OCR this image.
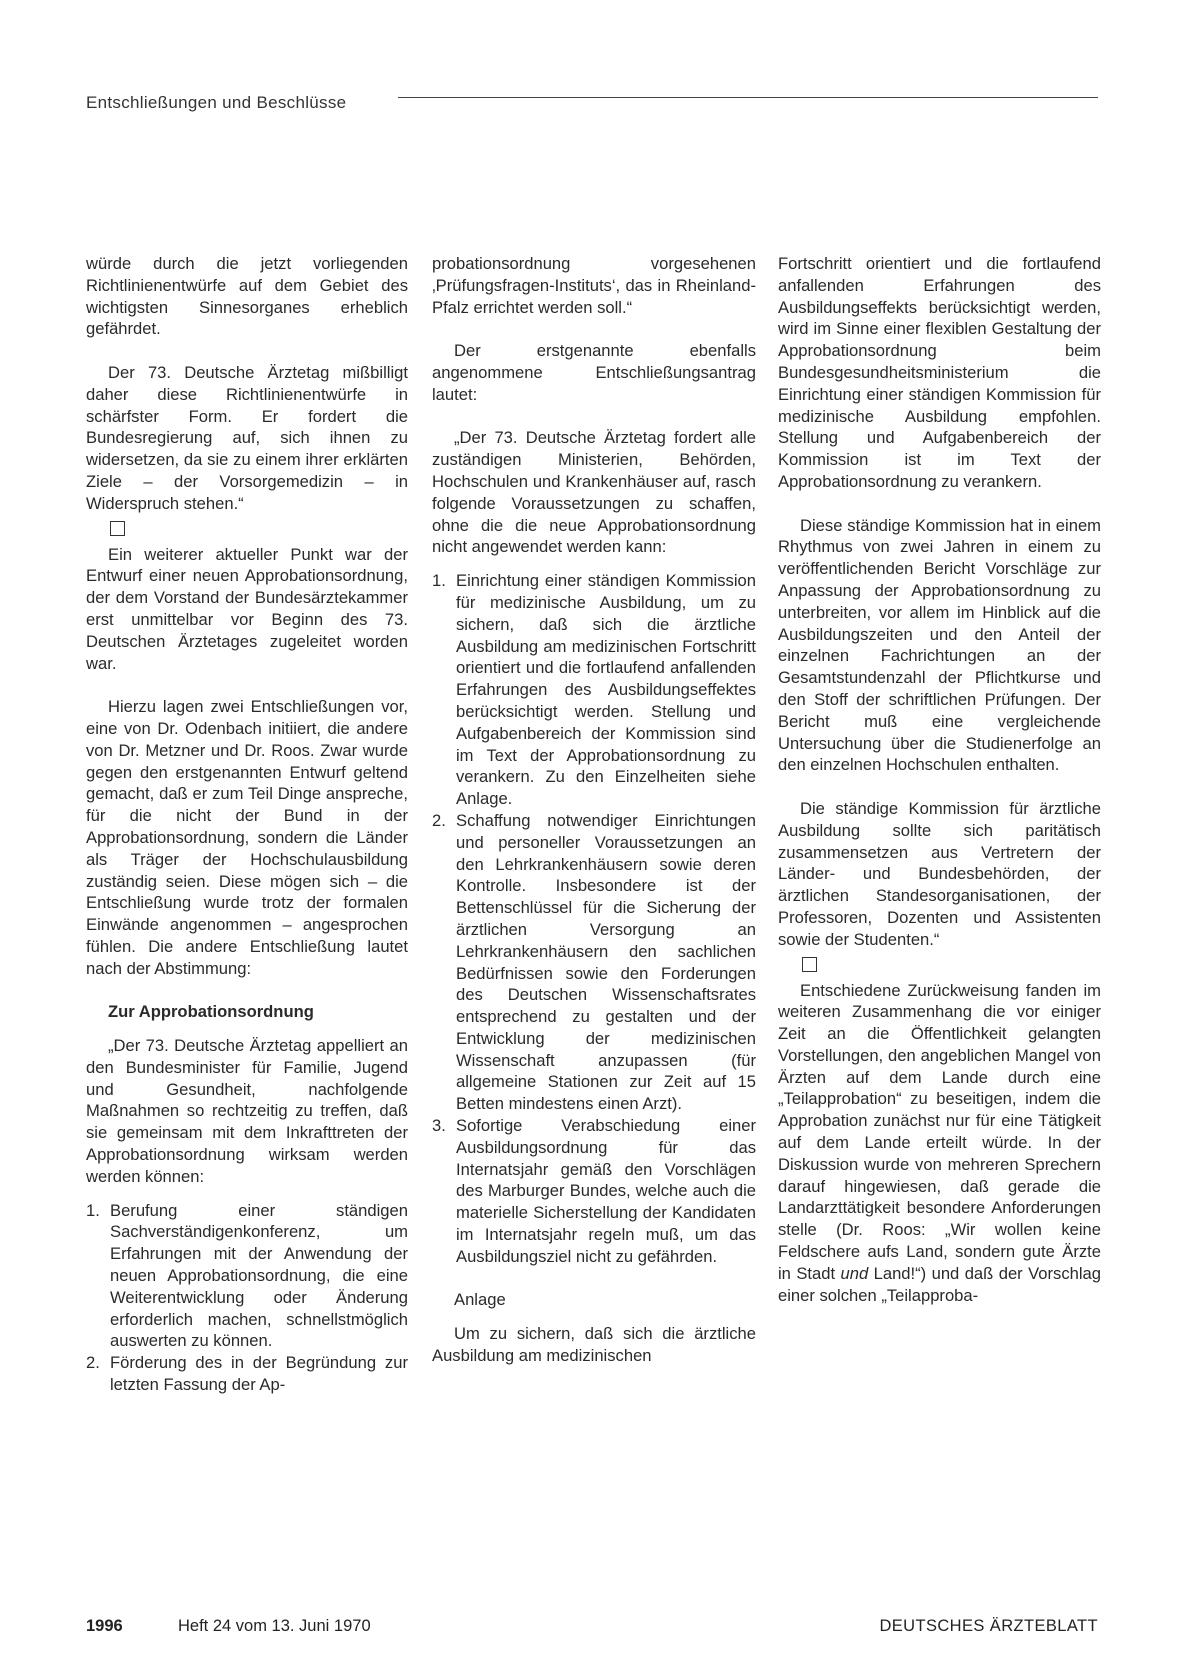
Entschließungen und Beschlüsse

würde durch die jetzt vorliegenden Richtlinienentwürfe auf dem Gebiet des wichtigsten Sinnesorganes erheblich gefährdet.

Der 73. Deutsche Ärztetag mißbilligt daher diese Richtlinienentwürfe in schärfster Form. Er fordert die Bundesregierung auf, sich ihnen zu widersetzen, da sie zu einem ihrer erklärten Ziele – der Vorsorgemedizin – in Widerspruch stehen.“

Ein weiterer aktueller Punkt war der Entwurf einer neuen Approbationsordnung, der dem Vorstand der Bundesärztekammer erst unmittelbar vor Beginn des 73. Deutschen Ärztetages zugeleitet worden war.

Hierzu lagen zwei Entschließungen vor, eine von Dr. Odenbach initiiert, die andere von Dr. Metzner und Dr. Roos. Zwar wurde gegen den erstgenannten Entwurf geltend gemacht, daß er zum Teil Dinge anspreche, für die nicht der Bund in der Approbationsordnung, sondern die Länder als Träger der Hochschulausbildung zuständig seien. Diese mögen sich – die Entschließung wurde trotz der formalen Einwände angenommen – angesprochen fühlen. Die andere Entschließung lautet nach der Abstimmung:

Zur Approbationsordnung

„Der 73. Deutsche Ärztetag appelliert an den Bundesminister für Familie, Jugend und Gesundheit, nachfolgende Maßnahmen so rechtzeitig zu treffen, daß sie gemeinsam mit dem Inkrafttreten der Approbationsordnung wirksam werden werden können:

1. Berufung einer ständigen Sachverständigenkonferenz, um Erfahrungen mit der Anwendung der neuen Approbationsordnung, die eine Weiterentwicklung oder Änderung erforderlich machen, schnellstmöglich auswerten zu können.
2. Förderung des in der Begründung zur letzten Fassung der Ap-

probationsordnung vorgesehenen ‚Prüfungsfragen-Instituts‘, das in Rheinland-Pfalz errichtet werden soll.“

Der erstgenannte ebenfalls angenommene Entschließungsantrag lautet:

„Der 73. Deutsche Ärztetag fordert alle zuständigen Ministerien, Behörden, Hochschulen und Krankenhäuser auf, rasch folgende Voraussetzungen zu schaffen, ohne die die neue Approbationsordnung nicht angewendet werden kann:

1. Einrichtung einer ständigen Kommission für medizinische Ausbildung, um zu sichern, daß sich die ärztliche Ausbildung am medizinischen Fortschritt orientiert und die fortlaufend anfallenden Erfahrungen des Ausbildungseffektes berücksichtigt werden. Stellung und Aufgabenbereich der Kommission sind im Text der Approbationsordnung zu verankern. Zu den Einzelheiten siehe Anlage.
2. Schaffung notwendiger Einrichtungen und personeller Voraussetzungen an den Lehrkrankenhäusern sowie deren Kontrolle. Insbesondere ist der Bettenschlüssel für die Sicherung der ärztlichen Versorgung an Lehrkrankenhäusern den sachlichen Bedürfnissen sowie den Forderungen des Deutschen Wissenschaftsrates entsprechend zu gestalten und der Entwicklung der medizinischen Wissenschaft anzupassen (für allgemeine Stationen zur Zeit auf 15 Betten mindestens einen Arzt).
3. Sofortige Verabschiedung einer Ausbildungsordnung für das Internatsjahr gemäß den Vorschlägen des Marburger Bundes, welche auch die materielle Sicherstellung der Kandidaten im Internatsjahr regeln muß, um das Ausbildungsziel nicht zu gefährden.
Anlage

Um zu sichern, daß sich die ärztliche Ausbildung am medizinischen

Fortschritt orientiert und die fortlaufend anfallenden Erfahrungen des Ausbildungseffekts berücksichtigt werden, wird im Sinne einer flexiblen Gestaltung der Approbationsordnung beim Bundesgesundheitsministerium die Einrichtung einer ständigen Kommission für medizinische Ausbildung empfohlen. Stellung und Aufgabenbereich der Kommission ist im Text der Approbationsordnung zu verankern.

Diese ständige Kommission hat in einem Rhythmus von zwei Jahren in einem zu veröffentlichenden Bericht Vorschläge zur Anpassung der Approbationsordnung zu unterbreiten, vor allem im Hinblick auf die Ausbildungszeiten und den Anteil der einzelnen Fachrichtungen an der Gesamtstundenzahl der Pflichtkurse und den Stoff der schriftlichen Prüfungen. Der Bericht muß eine vergleichende Untersuchung über die Studienerfolge an den einzelnen Hochschulen enthalten.

Die ständige Kommission für ärztliche Ausbildung sollte sich paritätisch zusammensetzen aus Vertretern der Länder- und Bundesbehörden, der ärztlichen Standesorganisationen, der Professoren, Dozenten und Assistenten sowie der Studenten.“

Entschiedene Zurückweisung fanden im weiteren Zusammenhang die vor einiger Zeit an die Öffentlichkeit gelangten Vorstellungen, den angeblichen Mangel von Ärzten auf dem Lande durch eine „Teilapprobation“ zu beseitigen, indem die Approbation zunächst nur für eine Tätigkeit auf dem Lande erteilt würde. In der Diskussion wurde von mehreren Sprechern darauf hingewiesen, daß gerade die Landarzttätigkeit besondere Anforderungen stelle (Dr. Roos: „Wir wollen keine Feldschere aufs Land, sondern gute Ärzte in Stadt und Land!“) und daß der Vorschlag einer solchen „Teilapproba-

1996	Heft 24 vom 13. Juni 1970	DEUTSCHES ÄRZTEBLATT
